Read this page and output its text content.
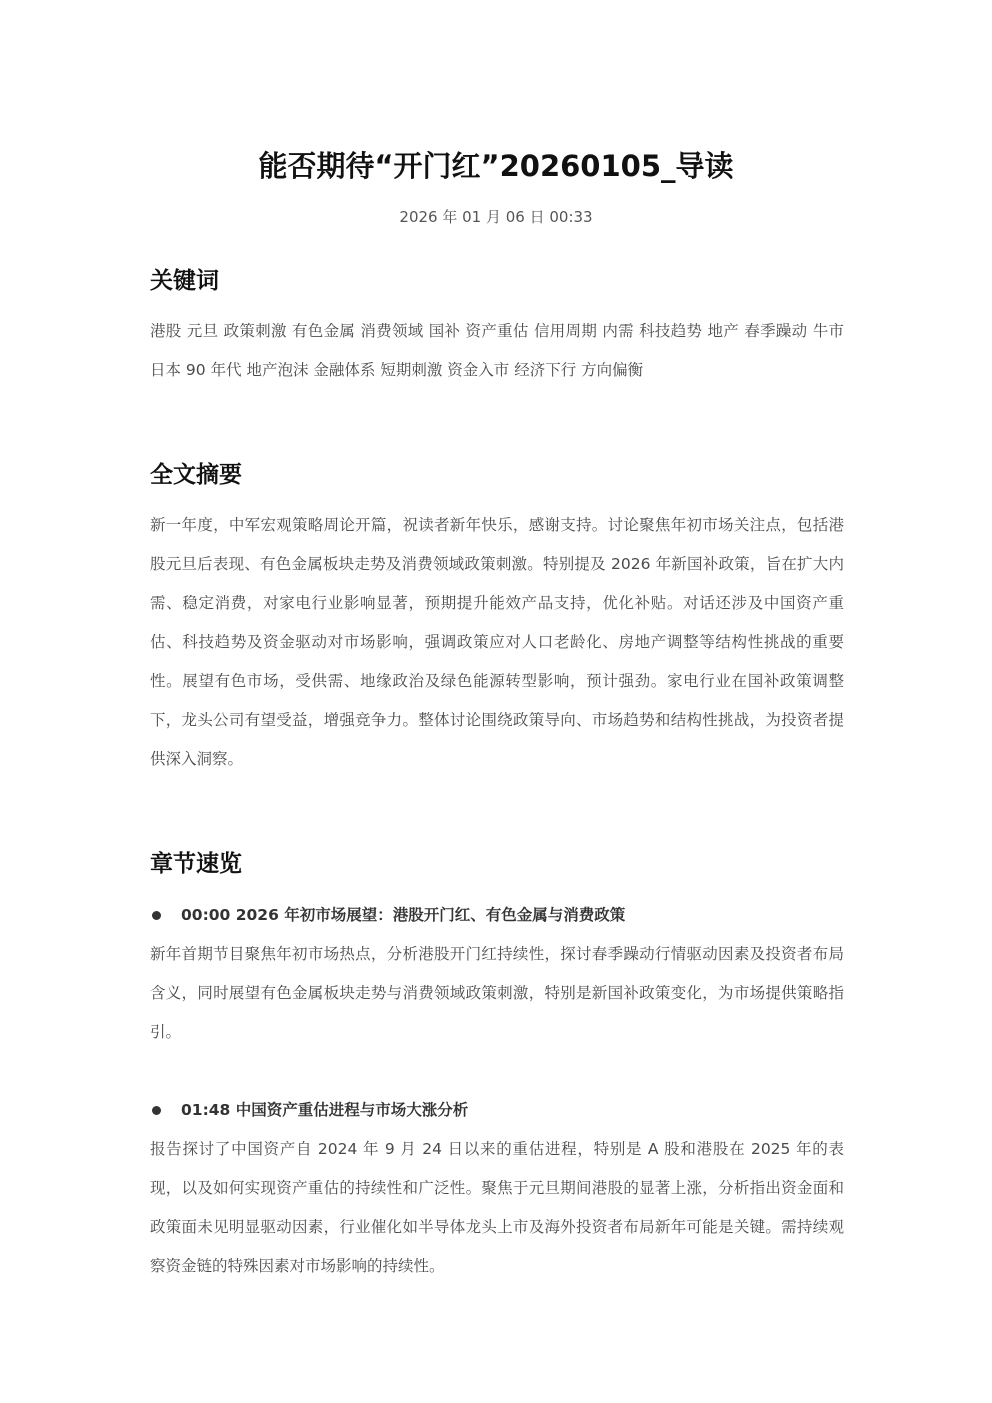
能否期待“开门红”20260105_导读
2026 年 01 月 06 日 00:33
关键词

港股 元旦 政策刺激 有色金属 消费领域 国补 资产重估 信用周期 内需 科技趋势 地产 春季躁动 牛市 日本 90 年代 地产泡沫 金融体系 短期刺激 资金入市 经济下行 方向偏衡

全文摘要

新一年度，中军宏观策略周论开篇，祝读者新年快乐，感谢支持。讨论聚焦年初市场关注点，包括港股元旦后表现、有色金属板块走势及消费领域政策刺激。特别提及 2026 年新国补政策，旨在扩大内需、稳定消费，对家电行业影响显著，预期提升能效产品支持，优化补贴。对话还涉及中国资产重估、科技趋势及资金驱动对市场影响，强调政策应对人口老龄化、房地产调整等结构性挑战的重要性。展望有色市场，受供需、地缘政治及绿色能源转型影响，预计强劲。家电行业在国补政策调整下，龙头公司有望受益，增强竞争力。整体讨论围绕政策导向、市场趋势和结构性挑战，为投资者提供深入洞察。

章节速览
00:00 2026 年初市场展望：港股开门红、有色金属与消费政策

新年首期节目聚焦年初市场热点，分析港股开门红持续性，探讨春季躁动行情驱动因素及投资者布局含义，同时展望有色金属板块走势与消费领域政策刺激，特别是新国补政策变化，为市场提供策略指引。

01:48 中国资产重估进程与市场大涨分析

报告探讨了中国资产自 2024 年 9 月 24 日以来的重估进程，特别是 A 股和港股在 2025 年的表现，以及如何实现资产重估的持续性和广泛性。聚焦于元旦期间港股的显著上涨，分析指出资金面和政策面未见明显驱动因素，行业催化如半导体龙头上市及海外投资者布局新年可能是关键。需持续观察资金链的特殊因素对市场影响的持续性。
